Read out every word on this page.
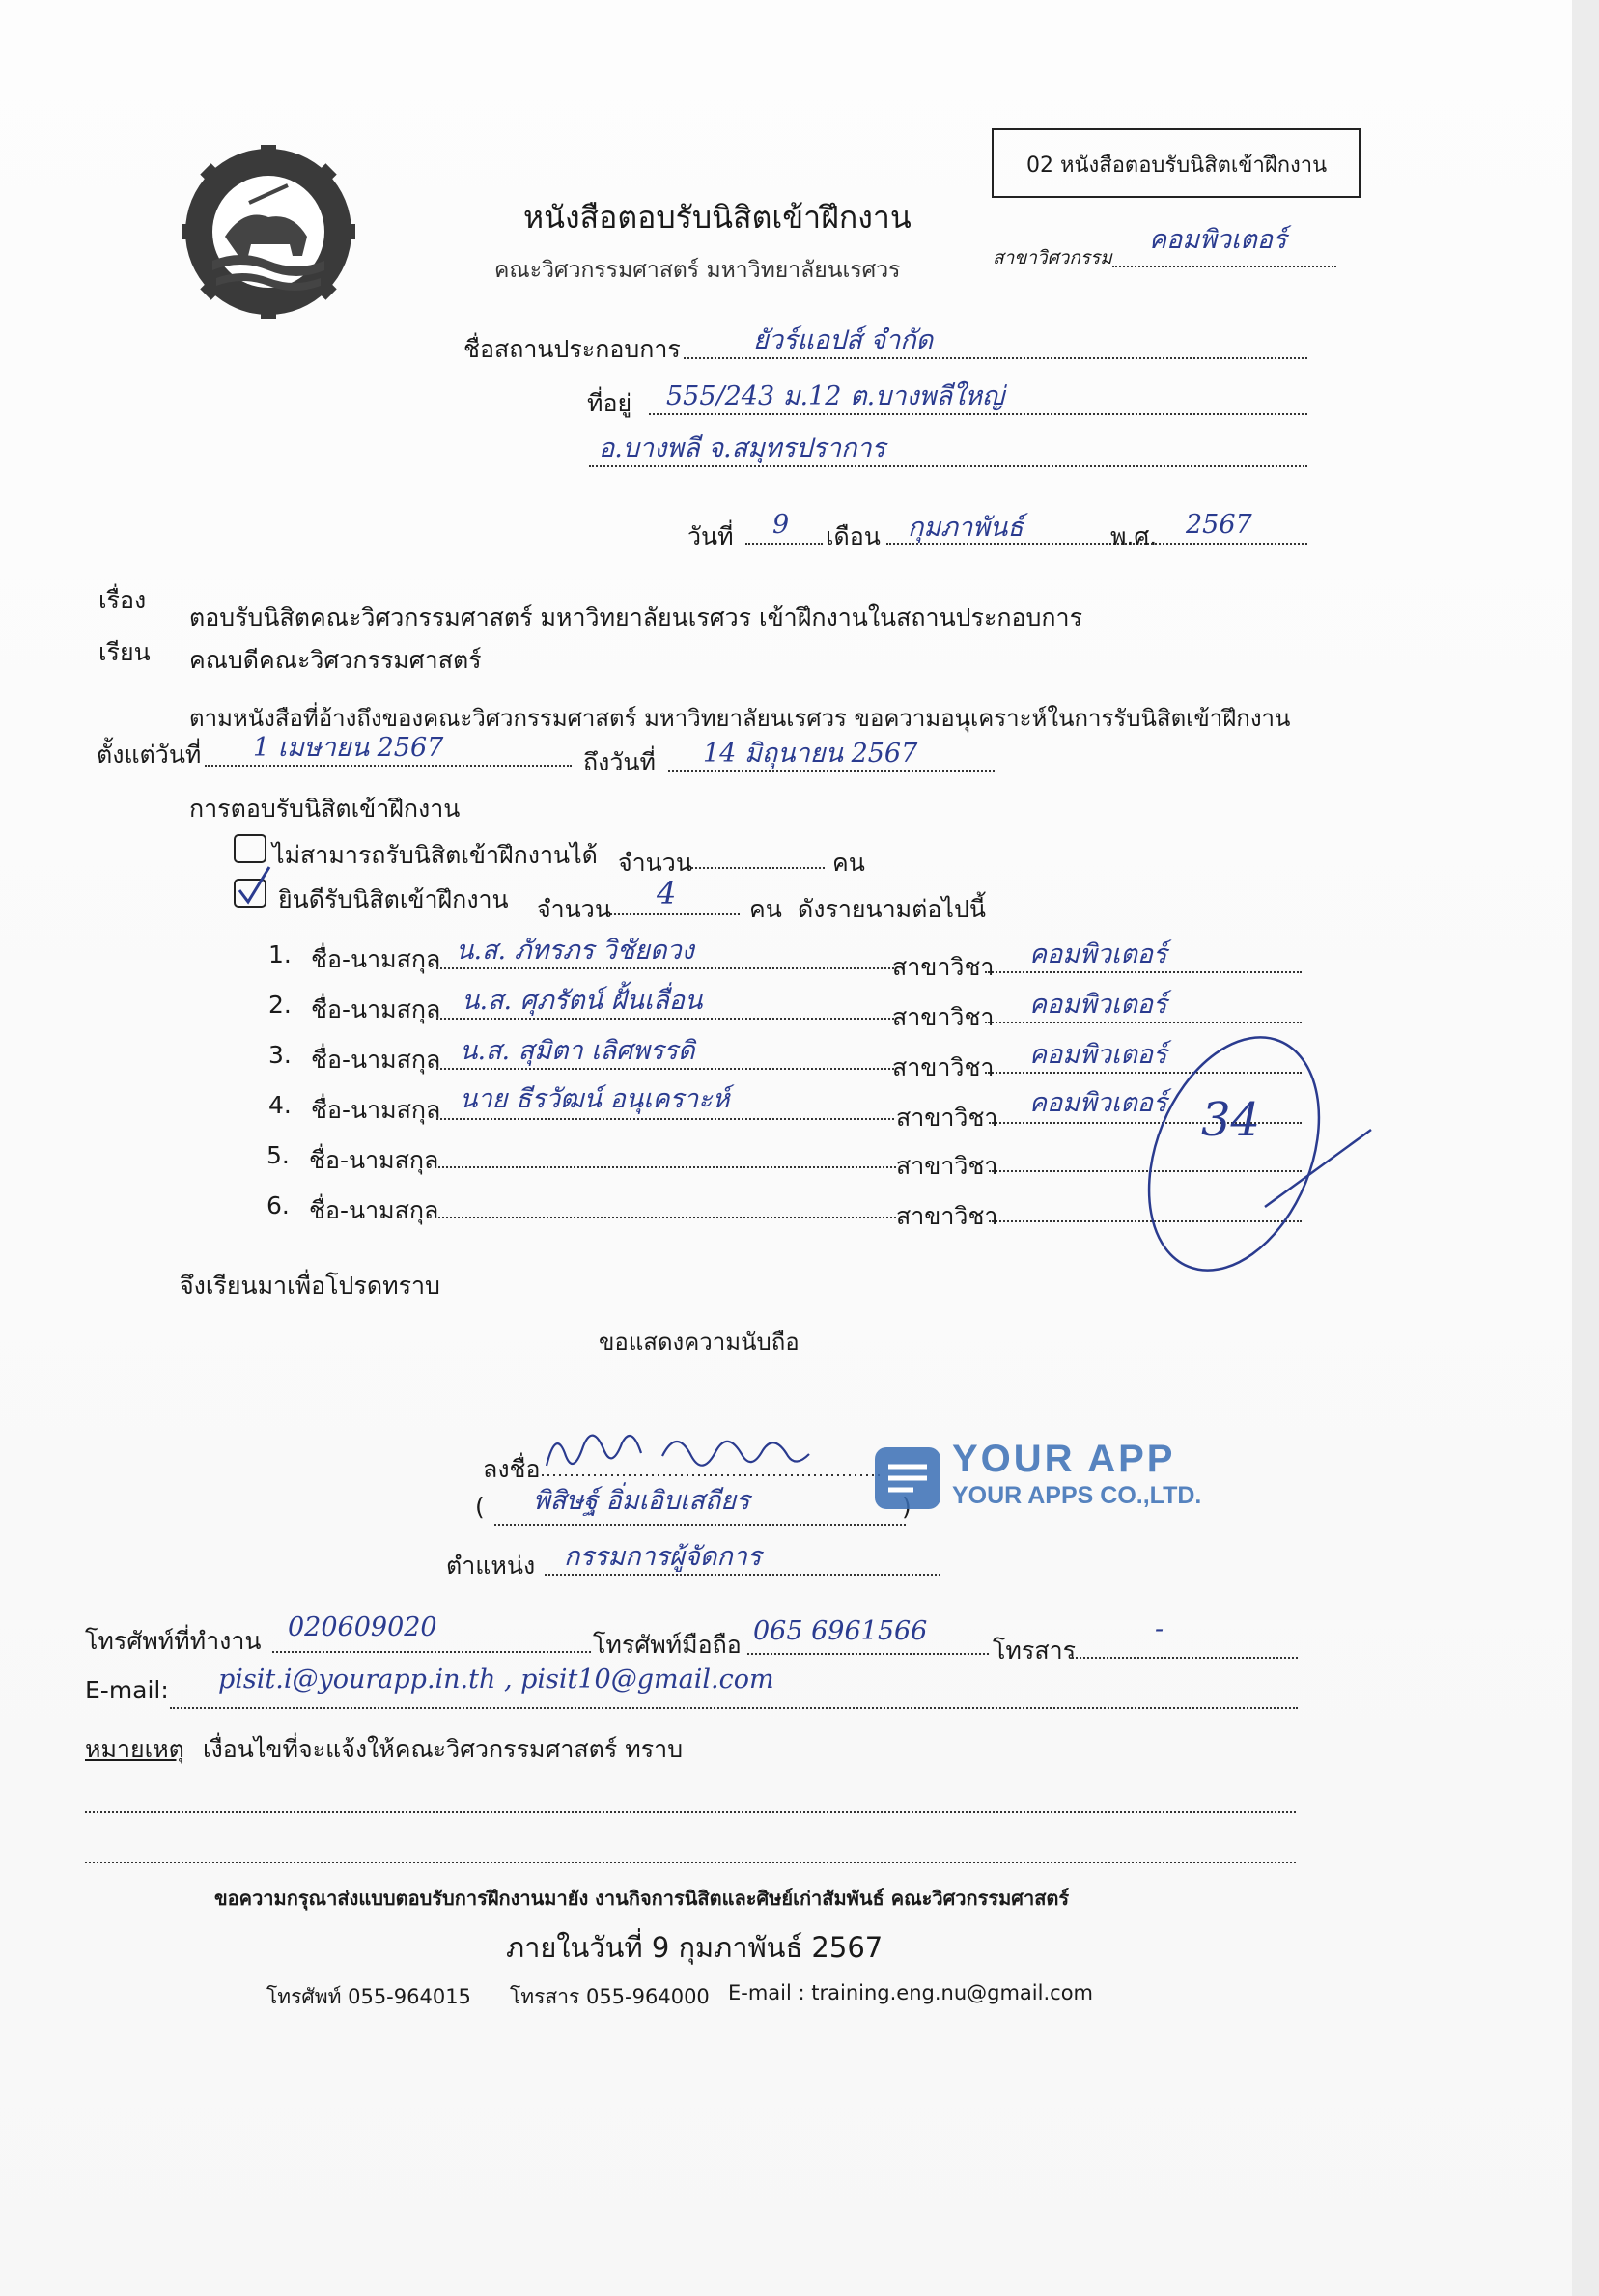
02 หนังสือตอบรับนิสิตเข้าฝึกงาน
หนังสือตอบรับนิสิตเข้าฝึกงาน
คณะวิศวกรรมศาสตร์ มหาวิทยาลัยนเรศวร	สาขาวิศวกรรม
คอมพิวเตอร์
ชื่อสถานประกอบการ	ยัวร์แอปส์ จำกัด
ที่อยู่ 555/243 ม.12 ต.บางพลีใหญ่
อ.บางพลี จ.สมุทรปราการ
วันที่ 9 เดือน กุมภาพันธ์	พ.ศ. 2567
เรื่อง
ตอบรับนิสิตคณะวิศวกรรมศาสตร์ มหาวิทยาลัยนเรศวร เข้าฝึกงานในสถานประกอบการ
เรียน คณบดีคณะวิศวกรรมศาสตร์
ตามหนังสือที่อ้างถึงของคณะวิศวกรรมศาสตร์ มหาวิทยาลัยนเรศวร ขอความอนุเคราะห์ในการรับนิสิตเข้าฝึกงาน
ตั้งแต่วันที่ 1 เมษายน 2567	ถึงวันที่ 14 มิถุนายน 2567
การตอบรับนิสิตเข้าฝึกงาน
ไม่สามารถรับนิสิตเข้าฝึกงานได้ จำนวน	คน
ยินดีรับนิสิตเข้าฝึกงาน จำนวน 4	คน ดังรายนามต่อไปนี้
1. ชื่อ-นามสกุล น.ส. ภัทรภร วิชัยดวง
สาขาวิชา คอมพิวเตอร์
2. ชื่อ-นามสกุล น.ส. ศุภรัตน์ ฝั้นเลื่อน
สาขาวิชา คอมพิวเตอร์
3. ชื่อ-นามสกุล น.ส. สุมิตา เลิศพรรดิ
สาขาวิชา คอมพิวเตอร์
4. ชื่อ-นามสกุล นาย ธีรวัฒน์ อนุเคราะห์
สาขาวิชา คอมพิวเตอร์
5. ชื่อ-นามสกุล	สาขาวิชา
6. ชื่อ-นามสกุล	สาขาวิชา
34
จึงเรียนมาเพื่อโปรดทราบ
ขอแสดงความนับถือ
ลงชื่อ
( พิสิษฐ์ อิ่มเอิบเสถียร
ตำแหน่ง กรรมการผู้จัดการ
YOUR APP
YOUR APPS CO.,LTD.
โทรศัพท์ที่ทำงาน 020609020
โทรศัพท์มือถือ 065 6961566
โทรสาร
-
E-mail: pisit.i@yourapp.in.th , pisit10@gmail.com
หมายเหตุ เงื่อนไขที่จะแจ้งให้คณะวิศวกรรมศาสตร์ ทราบ
ขอความกรุณาส่งแบบตอบรับการฝึกงานมายัง งานกิจการนิสิตและศิษย์เก่าสัมพันธ์ คณะวิศวกรรมศาสตร์
ภายในวันที่ 9 กุมภาพันธ์ 2567
โทรศัพท์ 055-964015 โทรสาร 055-964000 E-mail : training.eng.nu@gmail.com
